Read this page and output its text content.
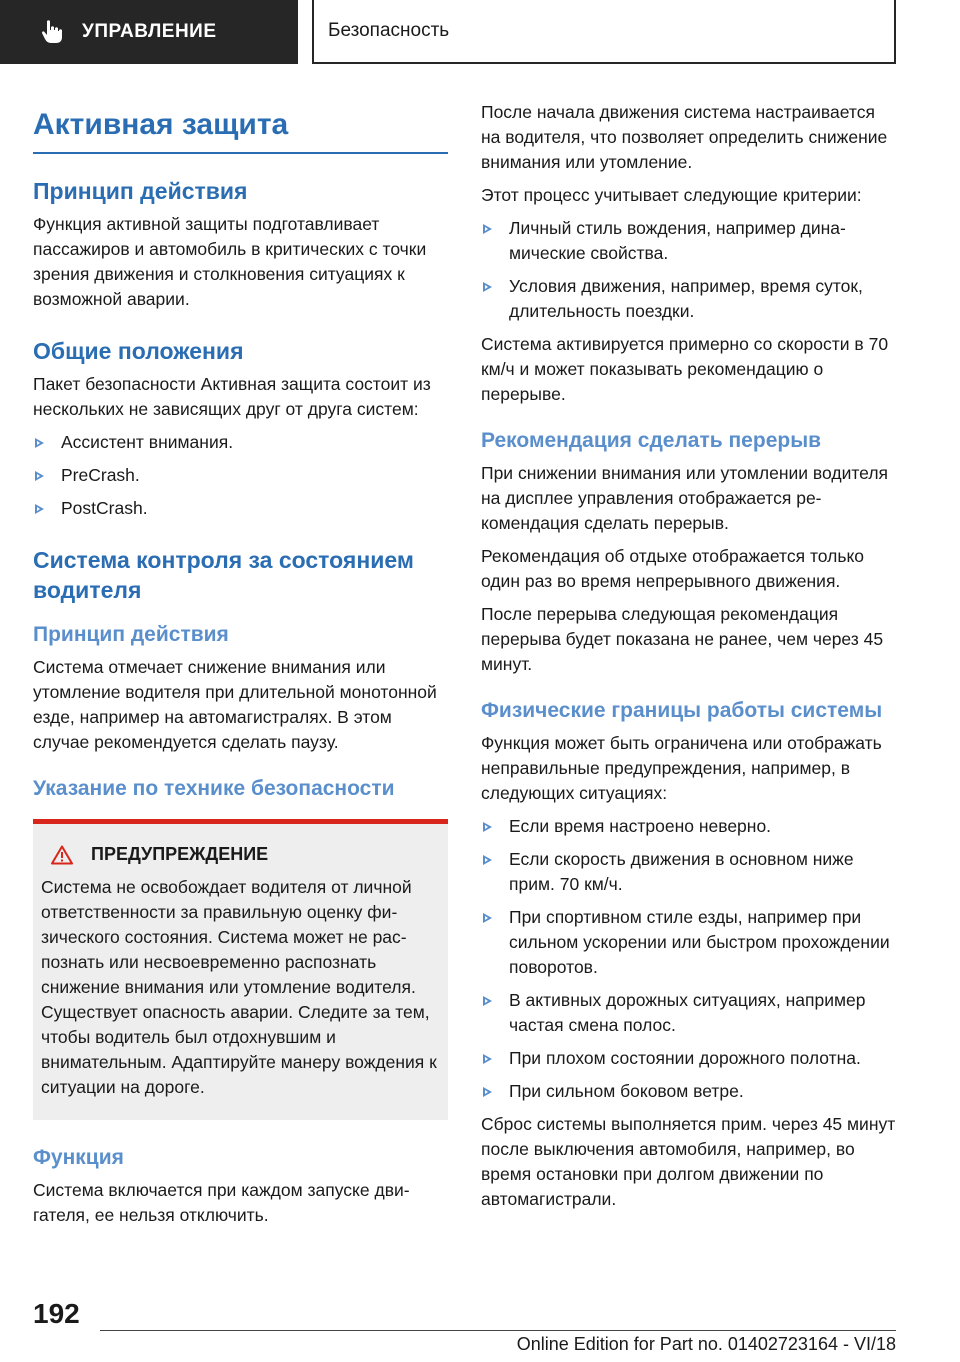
УПРАВЛЕНИЕ	Безопасность
Активная защита
Принцип действия
Функция активной защиты подготавливает пассажиров и автомобиль в критических с точки зрения движения и столкновения ситуациях к возможной аварии.
Общие положения
Пакет безопасности Активная защита состоит из нескольких не зависящих друг от друга систем:
Ассистент внимания.
PreCrash.
PostCrash.
Система контроля за состоянием водителя
Принцип действия
Система отмечает снижение внимания или утомление водителя при длительной монотонной езде, например на автомагистралях. В этом случае рекомендуется сделать паузу.
Указание по технике безопасности
ПРЕДУПРЕЖДЕНИЕ
Система не освобождает водителя от личной ответственности за правильную оценку физического состояния. Система может не распознать или несвоевременно распознать снижение внимания или утомление водителя. Существует опасность аварии. Следите за тем, чтобы водитель был отдохнувшим и внимательным. Адаптируйте манеру вождения к ситуации на дороге.
Функция
Система включается при каждом запуске двигателя, ее нельзя отключить.
После начала движения система настраивается на водителя, что позволяет определить снижение внимания или утомление.
Этот процесс учитывает следующие критерии:
Личный стиль вождения, например динамические свойства.
Условия движения, например, время суток, длительность поездки.
Система активируется примерно со скорости в 70 км/ч и может показывать рекомендацию о перерыве.
Рекомендация сделать перерыв
При снижении внимания или утомлении водителя на дисплее управления отображается рекомендация сделать перерыв.
Рекомендация об отдыхе отображается только один раз во время непрерывного движения.
После перерыва следующая рекомендация перерыва будет показана не ранее, чем через 45 минут.
Физические границы работы системы
Функция может быть ограничена или отображать неправильные предупреждения, например, в следующих ситуациях:
Если время настроено неверно.
Если скорость движения в основном ниже прим. 70 км/ч.
При спортивном стиле езды, например при сильном ускорении или быстром прохождении поворотов.
В активных дорожных ситуациях, например частая смена полос.
При плохом состоянии дорожного полотна.
При сильном боковом ветре.
Сброс системы выполняется прим. через 45 минут после выключения автомобиля, например, во время остановки при долгом движении по автомагистрали.
192
Online Edition for Part no. 01402723164 - VI/18
